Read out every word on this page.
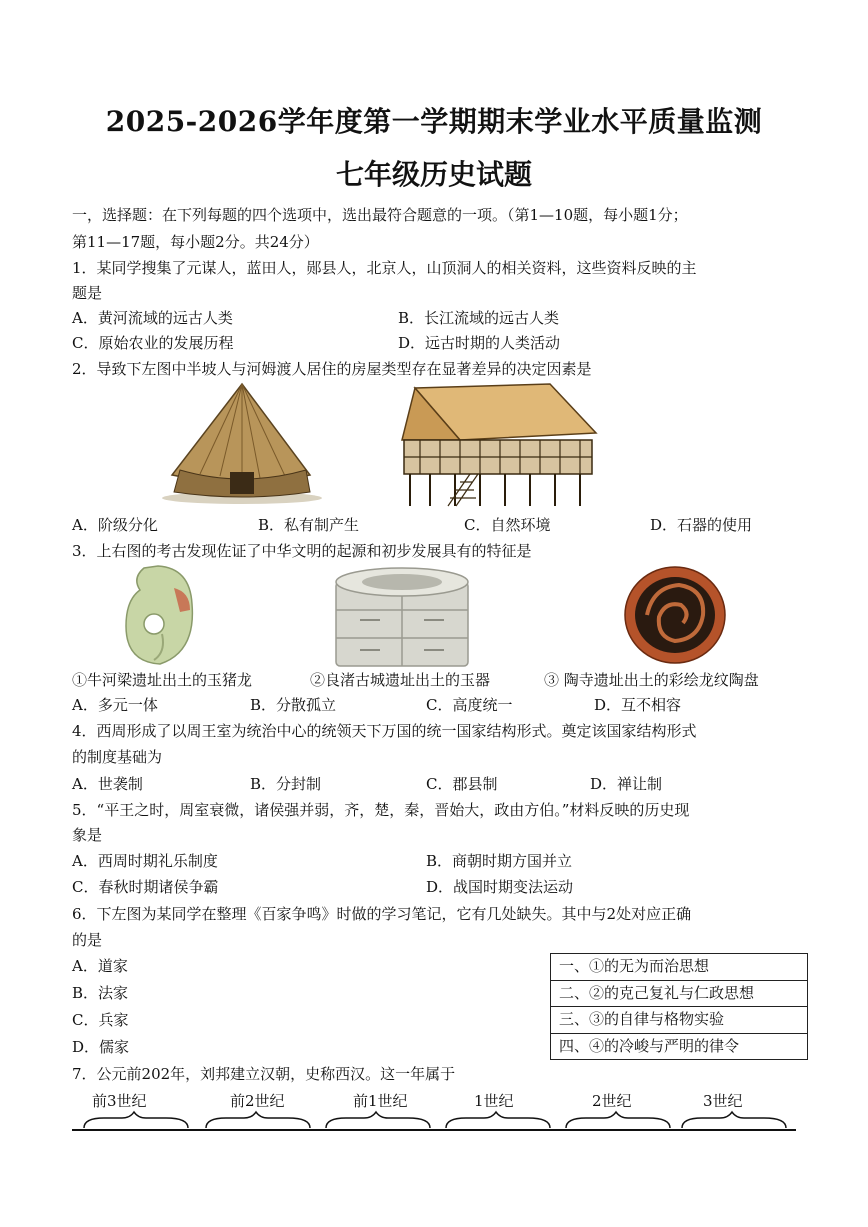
2025-2026学年度第一学期期末学业水平质量监测
七年级历史试题
一，选择题：在下列每题的四个选项中，选出最符合题意的一项。（第1—10题，每小题1分；
第11—17题，每小题2分。共24分）
1．某同学搜集了元谋人，蓝田人，郧县人，北京人，山顶洞人的相关资料，这些资料反映的主
题是
A．黄河流域的远古人类	B．长江流域的远古人类
C．原始农业的发展历程	D．远古时期的人类活动
2．导致下左图中半坡人与河姆渡人居住的房屋类型存在显著差异的决定因素是
A．阶级分化	B．私有制产生	C．自然环境	D．石器的使用
3．上右图的考古发现佐证了中华文明的起源和初步发展具有的特征是
①牛河梁遗址出土的玉猪龙	②良渚古城遗址出土的玉器	③ 陶寺遗址出土的彩绘龙纹陶盘
A．多元一体	B．分散孤立	C．高度统一	D．互不相容
4．西周形成了以周王室为统治中心的统领天下万国的统一国家结构形式。奠定该国家结构形式
的制度基础为
A．世袭制	B．分封制	C．郡县制	D．禅让制
5．“平王之时，周室衰微，诸侯强并弱，齐，楚，秦，晋始大，政由方伯。”材料反映的历史现
象是
A．西周时期礼乐制度	B．商朝时期方国并立
C．春秋时期诸侯争霸	D．战国时期变法运动
6．下左图为某同学在整理《百家争鸣》时做的学习笔记，它有几处缺失。其中与2处对应正确
的是
A．道家
B．法家
C．兵家
D．儒家
一、①的无为而治思想
二、②的克己复礼与仁政思想
三、③的自律与格物实验
四、④的冷峻与严明的律令
7．公元前202年，刘邦建立汉朝，史称西汉。这一年属于
前3世纪	前2世纪	前1世纪	1世纪	2世纪	3世纪
